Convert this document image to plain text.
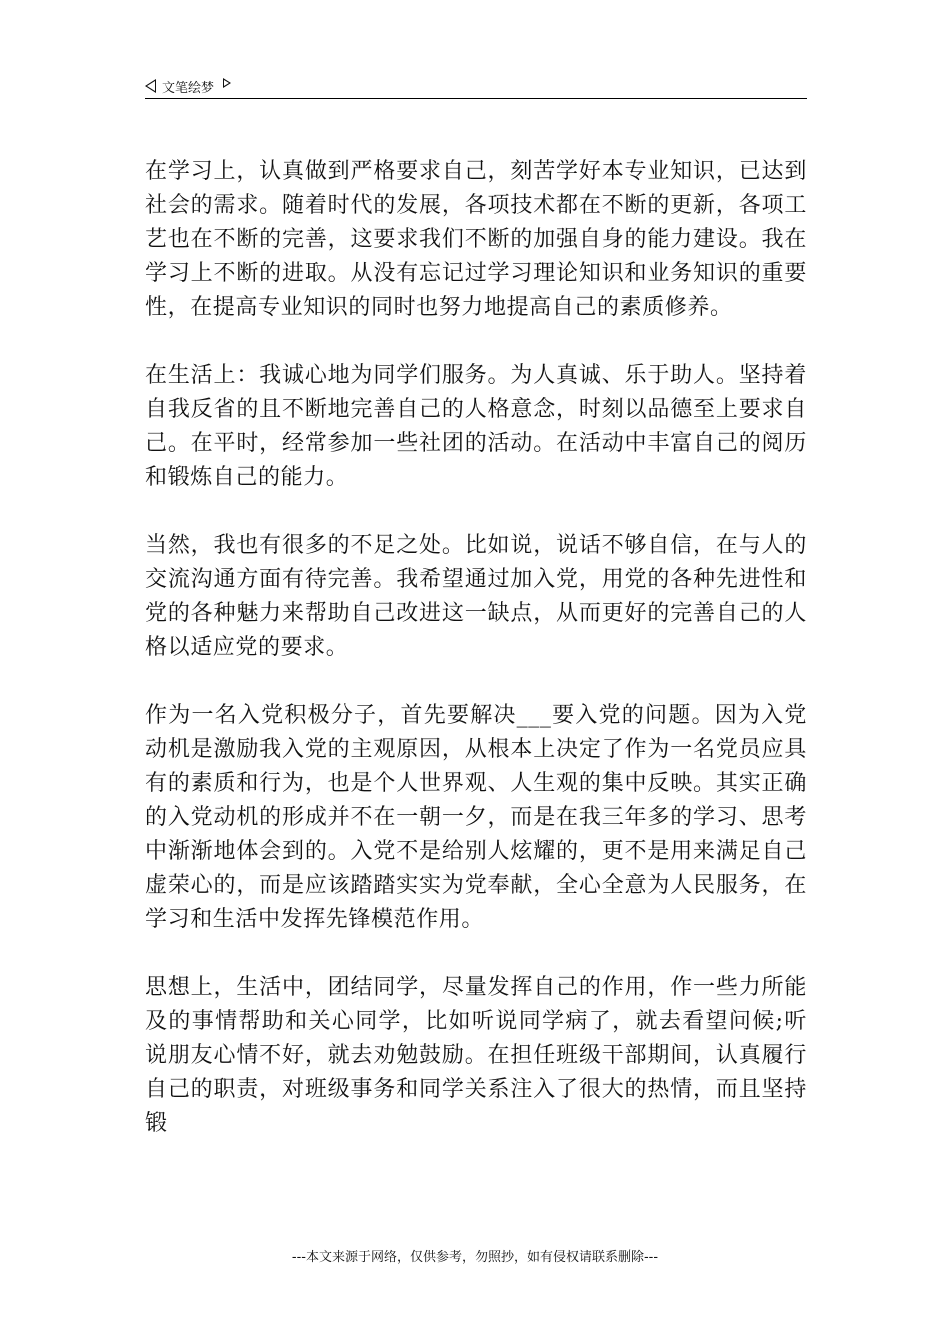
文笔绘梦

在学习上，认真做到严格要求自己，刻苦学好本专业知识，已达到社会的需求。随着时代的发展，各项技术都在不断的更新，各项工艺也在不断的完善，这要求我们不断的加强自身的能力建设。我在学习上不断的进取。从没有忘记过学习理论知识和业务知识的重要性，在提高专业知识的同时也努力地提高自己的素质修养。

在生活上：我诚心地为同学们服务。为人真诚、乐于助人。坚持着自我反省的且不断地完善自己的人格意念，时刻以品德至上要求自己。在平时，经常参加一些社团的活动。在活动中丰富自己的阅历和锻炼自己的能力。

当然，我也有很多的不足之处。比如说，说话不够自信，在与人的交流沟通方面有待完善。我希望通过加入党，用党的各种先进性和党的各种魅力来帮助自己改进这一缺点，从而更好的完善自己的人格以适应党的要求。

作为一名入党积极分子，首先要解决___要入党的问题。因为入党动机是激励我入党的主观原因，从根本上决定了作为一名党员应具有的素质和行为，也是个人世界观、人生观的集中反映。其实正确的入党动机的形成并不在一朝一夕，而是在我三年多的学习、思考中渐渐地体会到的。入党不是给别人炫耀的，更不是用来满足自己虚荣心的，而是应该踏踏实实为党奉献，全心全意为人民服务，在学习和生活中发挥先锋模范作用。

思想上，生活中，团结同学，尽量发挥自己的作用，作一些力所能及的事情帮助和关心同学，比如听说同学病了，就去看望问候;听说朋友心情不好，就去劝勉鼓励。在担任班级干部期间，认真履行自己的职责，对班级事务和同学关系注入了很大的热情，而且坚持锻

---本文来源于网络，仅供参考，勿照抄，如有侵权请联系删除---
